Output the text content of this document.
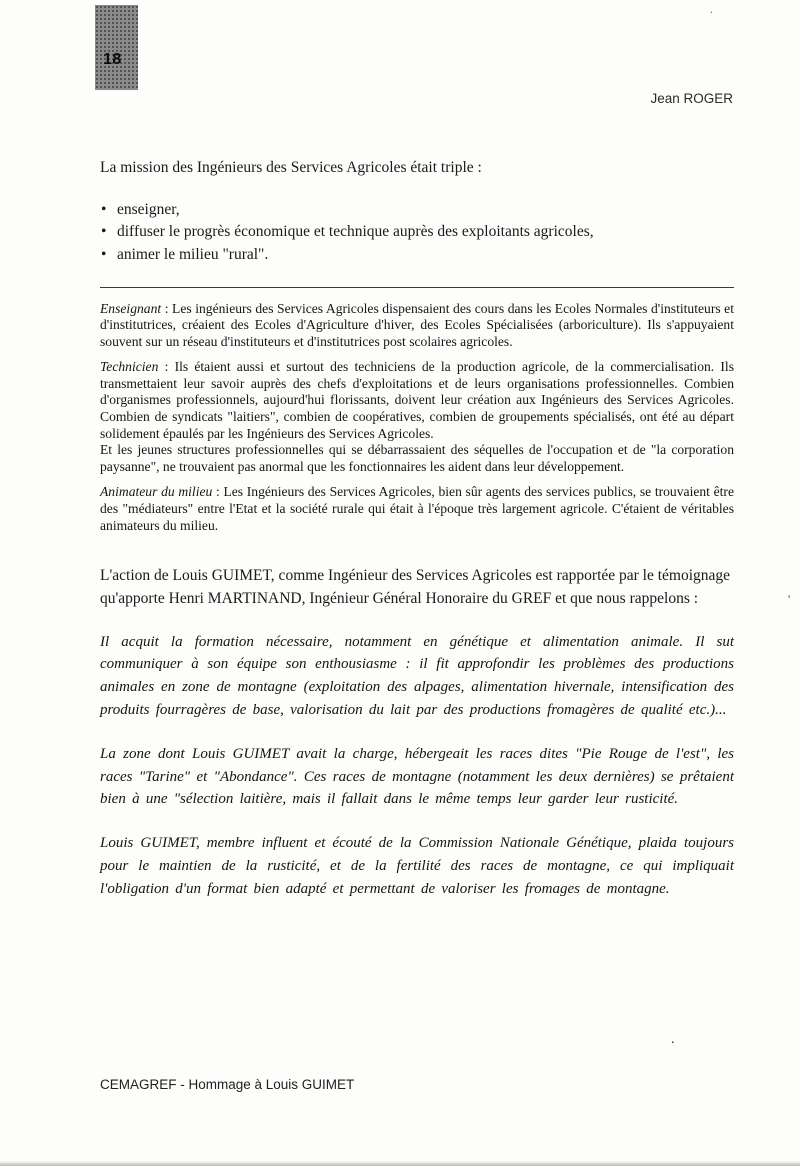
18
Jean ROGER
.
'
.

La mission des Ingénieurs des Services Agricoles était triple :

• enseigner,
• diffuser le progrès économique et technique auprès des exploitants agricoles,
• animer le milieu "rural".

Enseignant : Les ingénieurs des Services Agricoles dispensaient des cours dans les Ecoles Normales d'instituteurs et d'institutrices, créaient des Ecoles d'Agriculture d'hiver, des Ecoles Spécialisées (arboriculture). Ils s'appuyaient souvent sur un réseau d'instituteurs et d'institutrices post scolaires agricoles.

Technicien : Ils étaient aussi et surtout des techniciens de la production agricole, de la commercialisation. Ils transmettaient leur savoir auprès des chefs d'exploitations et de leurs organisations professionnelles. Combien d'organismes professionnels, aujourd'hui florissants, doivent leur création aux Ingénieurs des Services Agricoles. Combien de syndicats "laitiers", combien de coopératives, combien de groupements spécialisés, ont été au départ solidement épaulés par les Ingénieurs des Services Agricoles.

Et les jeunes structures professionnelles qui se débarrassaient des séquelles de l'occupation et de "la corporation paysanne", ne trouvaient pas anormal que les fonctionnaires les aident dans leur développement.

Animateur du milieu : Les Ingénieurs des Services Agricoles, bien sûr agents des services publics, se trouvaient être des "médiateurs" entre l'Etat et la société rurale qui était à l'époque très largement agricole. C'étaient de véritables animateurs du milieu.

L'action de Louis GUIMET, comme Ingénieur des Services Agricoles est rapportée par le témoignage qu'apporte Henri MARTINAND, Ingénieur Général Honoraire du GREF et que nous rappelons :

Il acquit la formation nécessaire, notamment en génétique et alimentation animale. Il sut communiquer à son équipe son enthousiasme : il fit approfondir les problèmes des productions animales en zone de montagne (exploitation des alpages, alimentation hivernale, intensification des produits fourragères de base, valorisation du lait par des productions fromagères de qualité etc.)...

La zone dont Louis GUIMET avait la charge, hébergeait les races dites "Pie Rouge de l'est", les races "Tarine" et "Abondance". Ces races de montagne (notamment les deux dernières) se prêtaient bien à une "sélection laitière, mais il fallait dans le même temps leur garder leur rusticité.

Louis GUIMET, membre influent et écouté de la Commission Nationale Génétique, plaida toujours pour le maintien de la rusticité, et de la fertilité des races de montagne, ce qui impliquait l'obligation d'un format bien adapté et permettant de valoriser les fromages de montagne.

CEMAGREF - Hommage à Louis GUIMET
